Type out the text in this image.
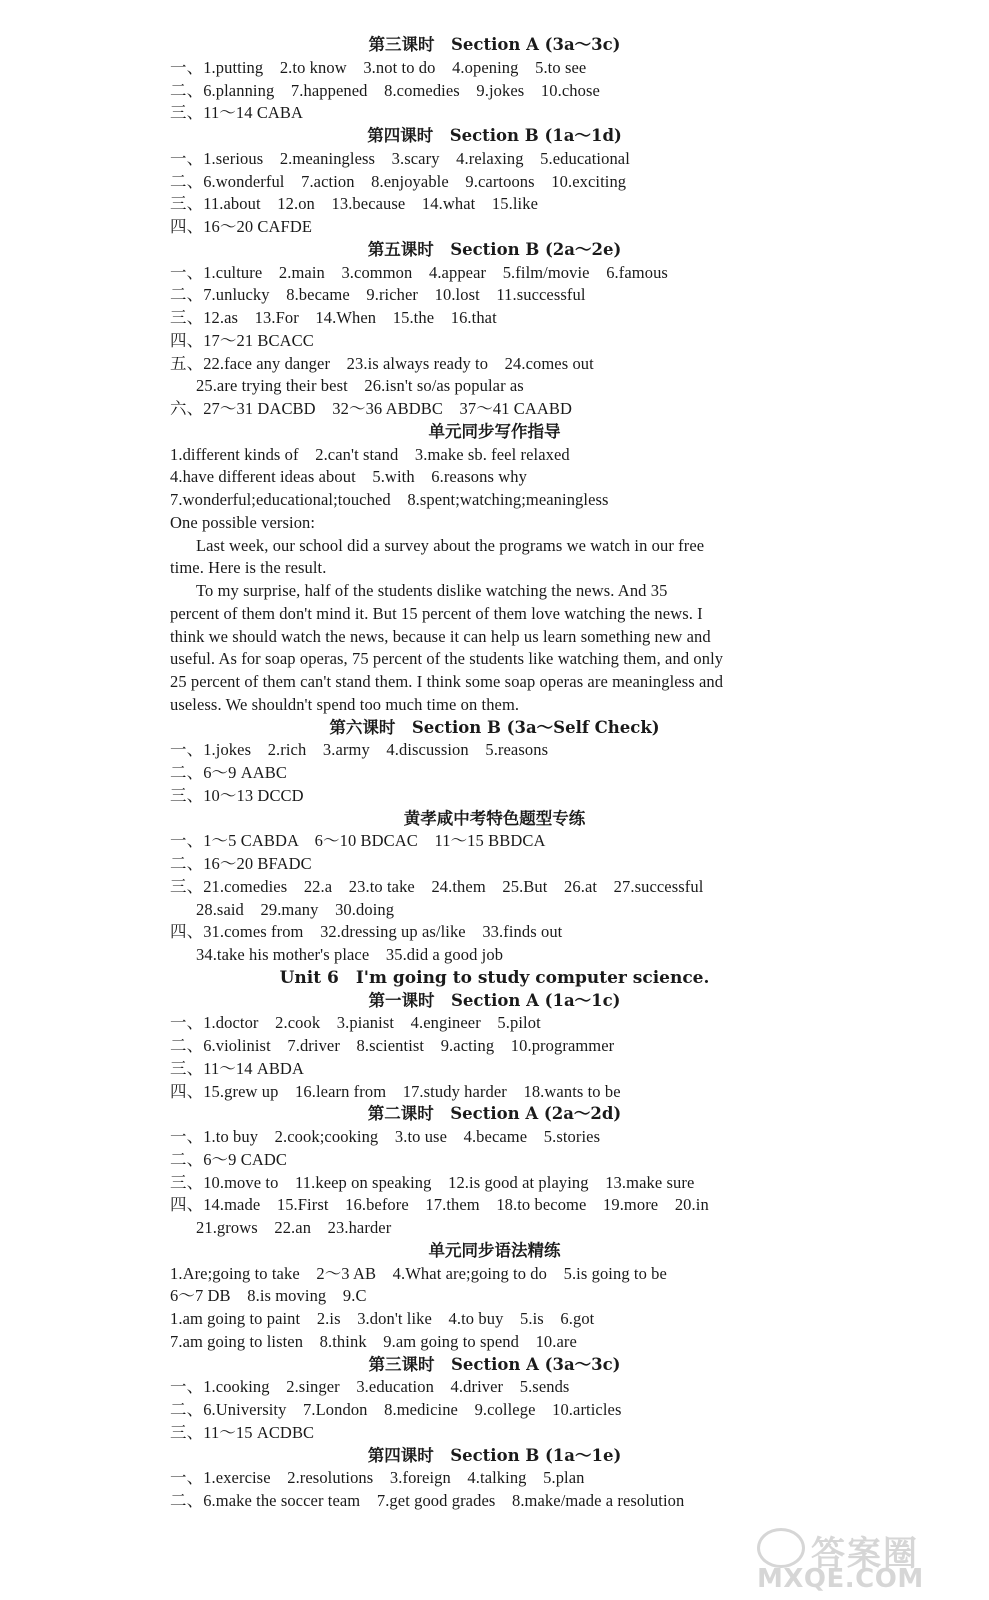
第三课时　Section A (3a～3c)
一、1.putting　2.to know　3.not to do　4.opening　5.to see
二、6.planning　7.happened　8.comedies　9.jokes　10.chose
三、11～14 CABA
第四课时　Section B (1a～1d)
一、1.serious　2.meaningless　3.scary　4.relaxing　5.educational
二、6.wonderful　7.action　8.enjoyable　9.cartoons　10.exciting
三、11.about　12.on　13.because　14.what　15.like
四、16～20 CAFDE
第五课时　Section B (2a～2e)
一、1.culture　2.main　3.common　4.appear　5.film/movie　6.famous
二、7.unlucky　8.became　9.richer　10.lost　11.successful
三、12.as　13.For　14.When　15.the　16.that
四、17～21 BCACC
五、22.face any danger　23.is always ready to　24.comes out
25.are trying their best　26.isn't so/as popular as
六、27～31 DACBD　32～36 ABDBC　37～41 CAABD
单元同步写作指导
1.different kinds of　2.can't stand　3.make sb. feel relaxed
4.have different ideas about　5.with　6.reasons why
7.wonderful;educational;touched　8.spent;watching;meaningless
One possible version:
Last week, our school did a survey about the programs we watch in our free
time. Here is the result.
To my surprise, half of the students dislike watching the news. And 35
percent of them don't mind it. But 15 percent of them love watching the news. I
think we should watch the news, because it can help us learn something new and
useful. As for soap operas, 75 percent of the students like watching them, and only
25 percent of them can't stand them. I think some soap operas are meaningless and
useless. We shouldn't spend too much time on them.
第六课时　Section B (3a～Self Check)
一、1.jokes　2.rich　3.army　4.discussion　5.reasons
二、6～9 AABC
三、10～13 DCCD
黄孝咸中考特色题型专练
一、1～5 CABDA　6～10 BDCAC　11～15 BBDCA
二、16～20 BFADC
三、21.comedies　22.a　23.to take　24.them　25.But　26.at　27.successful
28.said　29.many　30.doing
四、31.comes from　32.dressing up as/like　33.finds out
34.take his mother's place　35.did a good job
Unit 6　I'm going to study computer science.
第一课时　Section A (1a～1c)
一、1.doctor　2.cook　3.pianist　4.engineer　5.pilot
二、6.violinist　7.driver　8.scientist　9.acting　10.programmer
三、11～14 ABDA
四、15.grew up　16.learn from　17.study harder　18.wants to be
第二课时　Section A (2a～2d)
一、1.to buy　2.cook;cooking　3.to use　4.became　5.stories
二、6～9 CADC
三、10.move to　11.keep on speaking　12.is good at playing　13.make sure
四、14.made　15.First　16.before　17.them　18.to become　19.more　20.in
21.grows　22.an　23.harder
单元同步语法精练
1.Are;going to take　2～3 AB　4.What are;going to do　5.is going to be
6～7 DB　8.is moving　9.C
1.am going to paint　2.is　3.don't like　4.to buy　5.is　6.got
7.am going to listen　8.think　9.am going to spend　10.are
第三课时　Section A (3a～3c)
一、1.cooking　2.singer　3.education　4.driver　5.sends
二、6.University　7.London　8.medicine　9.college　10.articles
三、11～15 ACDBC
第四课时　Section B (1a～1e)
一、1.exercise　2.resolutions　3.foreign　4.talking　5.plan
二、6.make the soccer team　7.get good grades　8.make/made a resolution
答案圈
MXQE.COM
